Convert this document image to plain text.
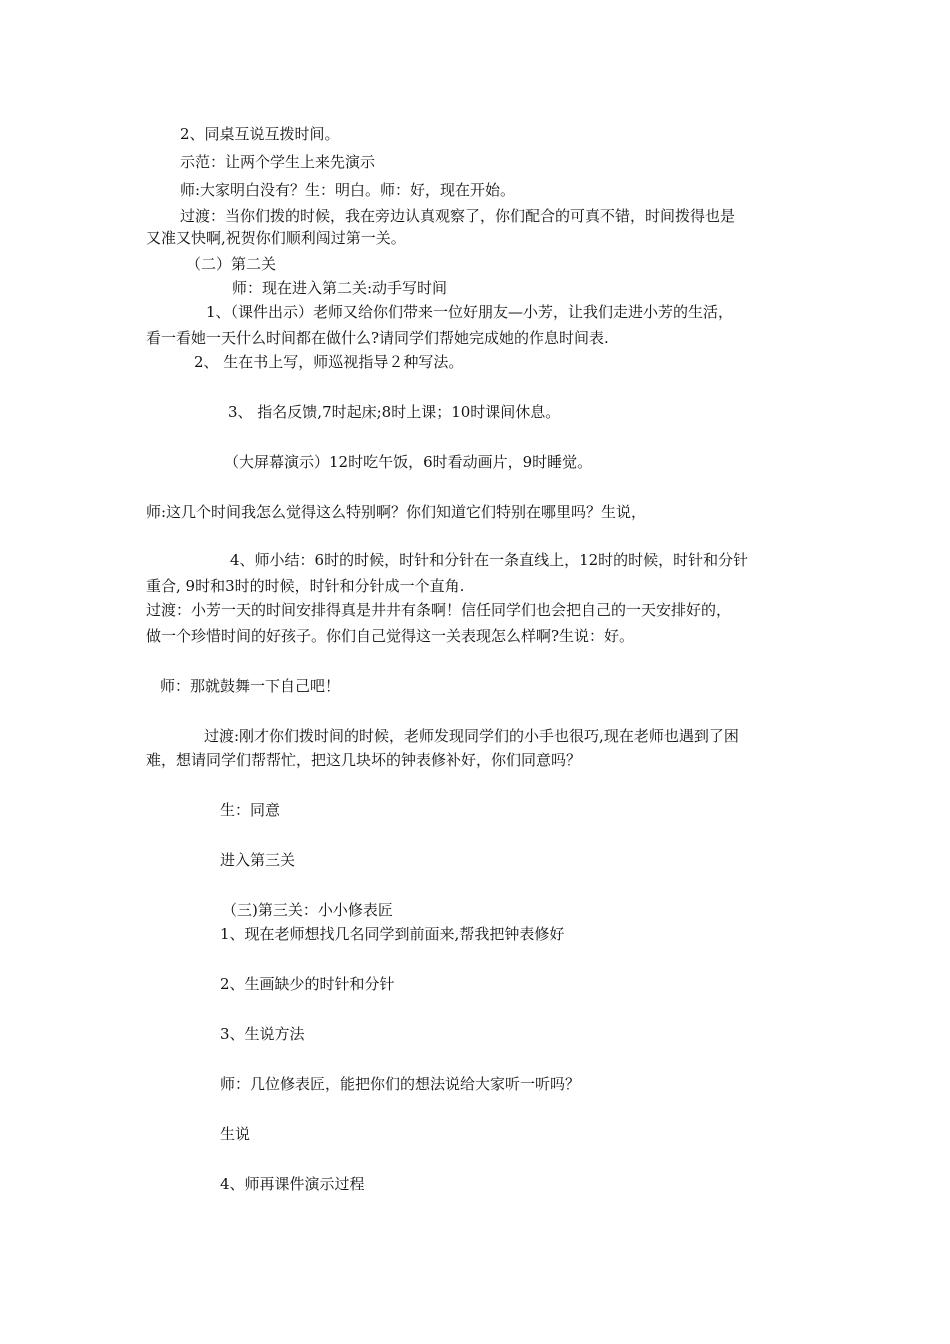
2、同桌互说互拨时间。

示范：让两个学生上来先演示

师:大家明白没有？生：明白。师：好，现在开始。

过渡：当你们拨的时候，我在旁边认真观察了，你们配合的可真不错，时间拨得也是

又准又快啊,祝贺你们顺利闯过第一关。

（二）第二关

师：现在进入第二关:动手写时间

1、（课件出示）老师又给你们带来一位好朋友—小芳，让我们走进小芳的生活，

看一看她一天什么时间都在做什么?请同学们帮她完成她的作息时间表.

2、 生在书上写，师巡视指导２种写法。

3、 指名反馈,7时起床;8时上课；10时课间休息。

（大屏幕演示）12时吃午饭，6时看动画片，9时睡觉。

师:这几个时间我怎么觉得这么特别啊？你们知道它们特别在哪里吗？生说，

4、师小结：6时的时候，时针和分针在一条直线上，12时的时候，时针和分针

重合, 9时和3时的时候，时针和分针成一个直角.

过渡：小芳一天的时间安排得真是井井有条啊！信任同学们也会把自己的一天安排好的，

做一个珍惜时间的好孩子。你们自己觉得这一关表现怎么样啊?生说：好。

师：那就鼓舞一下自己吧！

过渡:刚才你们拨时间的时候，老师发现同学们的小手也很巧,现在老师也遇到了困

难，想请同学们帮帮忙，把这几块坏的钟表修补好，你们同意吗？

生：同意

进入第三关

（三)第三关：小小修表匠

1、现在老师想找几名同学到前面来,帮我把钟表修好

2、生画缺少的时针和分针

3、生说方法

师：几位修表匠，能把你们的想法说给大家听一听吗？

生说

4、师再课件演示过程
